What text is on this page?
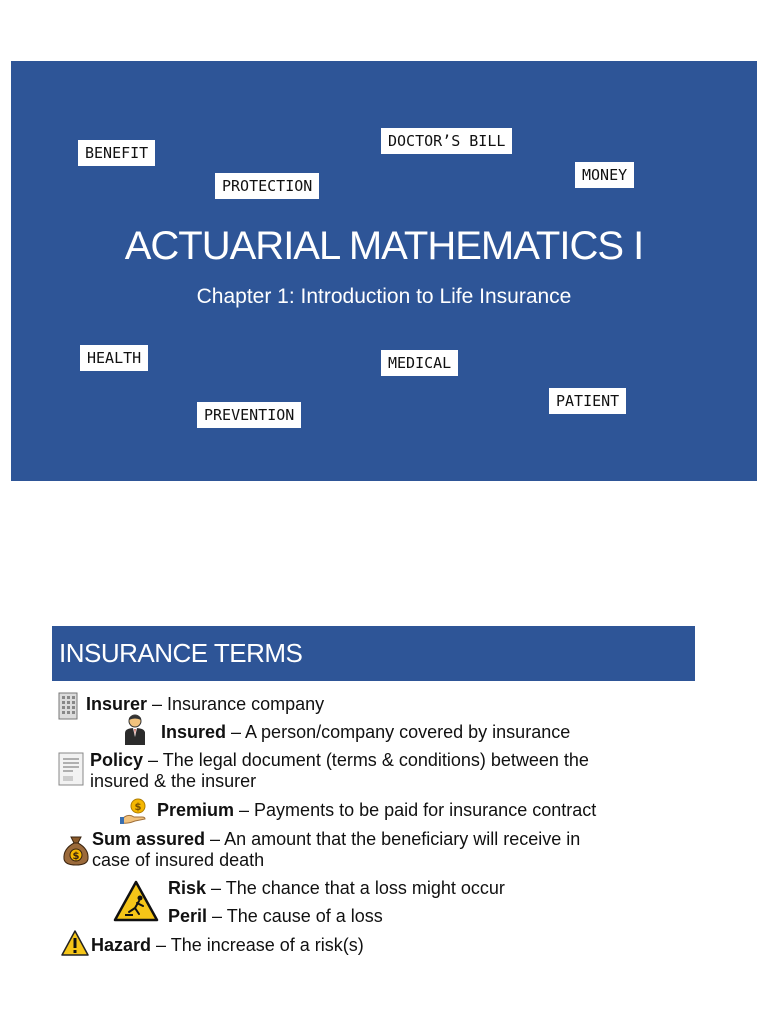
BENEFIT
PROTECTION
DOCTOR’S BILL
MONEY
ACTUARIAL MATHEMATICS I
Chapter 1: Introduction to Life Insurance
HEALTH	MEDICAL
PATIENT
PREVENTION
INSURANCE TERMS
$
$
Insurer – Insurance company
Insured – A person/company covered by insurance
Policy – The legal document (terms & conditions) between the
insured & the insurer
Premium – Payments to be paid for insurance contract
Sum assured – An amount that the beneficiary will receive in
case of insured death
Risk – The chance that a loss might occur
Peril – The cause of a loss
Hazard – The increase of a risk(s)
